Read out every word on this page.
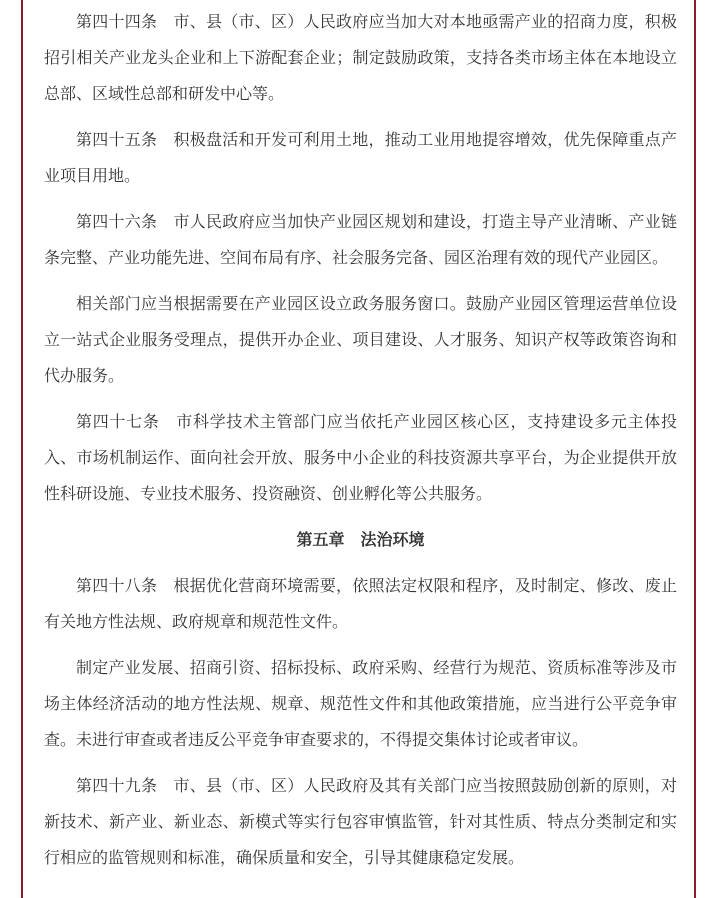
第四十四条　市、县（市、区）人民政府应当加大对本地亟需产业的招商力度，积极招引相关产业龙头企业和上下游配套企业；制定鼓励政策，支持各类市场主体在本地设立总部、区域性总部和研发中心等。

第四十五条　积极盘活和开发可利用土地，推动工业用地提容增效，优先保障重点产业项目用地。

第四十六条　市人民政府应当加快产业园区规划和建设，打造主导产业清晰、产业链条完整、产业功能先进、空间布局有序、社会服务完备、园区治理有效的现代产业园区。

相关部门应当根据需要在产业园区设立政务服务窗口。鼓励产业园区管理运营单位设立一站式企业服务受理点，提供开办企业、项目建设、人才服务、知识产权等政策咨询和代办服务。

第四十七条　市科学技术主管部门应当依托产业园区核心区，支持建设多元主体投入、市场机制运作、面向社会开放、服务中小企业的科技资源共享平台，为企业提供开放性科研设施、专业技术服务、投资融资、创业孵化等公共服务。

第五章　法治环境

第四十八条　根据优化营商环境需要，依照法定权限和程序，及时制定、修改、废止有关地方性法规、政府规章和规范性文件。

制定产业发展、招商引资、招标投标、政府采购、经营行为规范、资质标准等涉及市场主体经济活动的地方性法规、规章、规范性文件和其他政策措施，应当进行公平竞争审查。未进行审查或者违反公平竞争审查要求的，不得提交集体讨论或者审议。

第四十九条　市、县（市、区）人民政府及其有关部门应当按照鼓励创新的原则，对新技术、新产业、新业态、新模式等实行包容审慎监管，针对其性质、特点分类制定和实行相应的监管规则和标准，确保质量和安全，引导其健康稳定发展。
